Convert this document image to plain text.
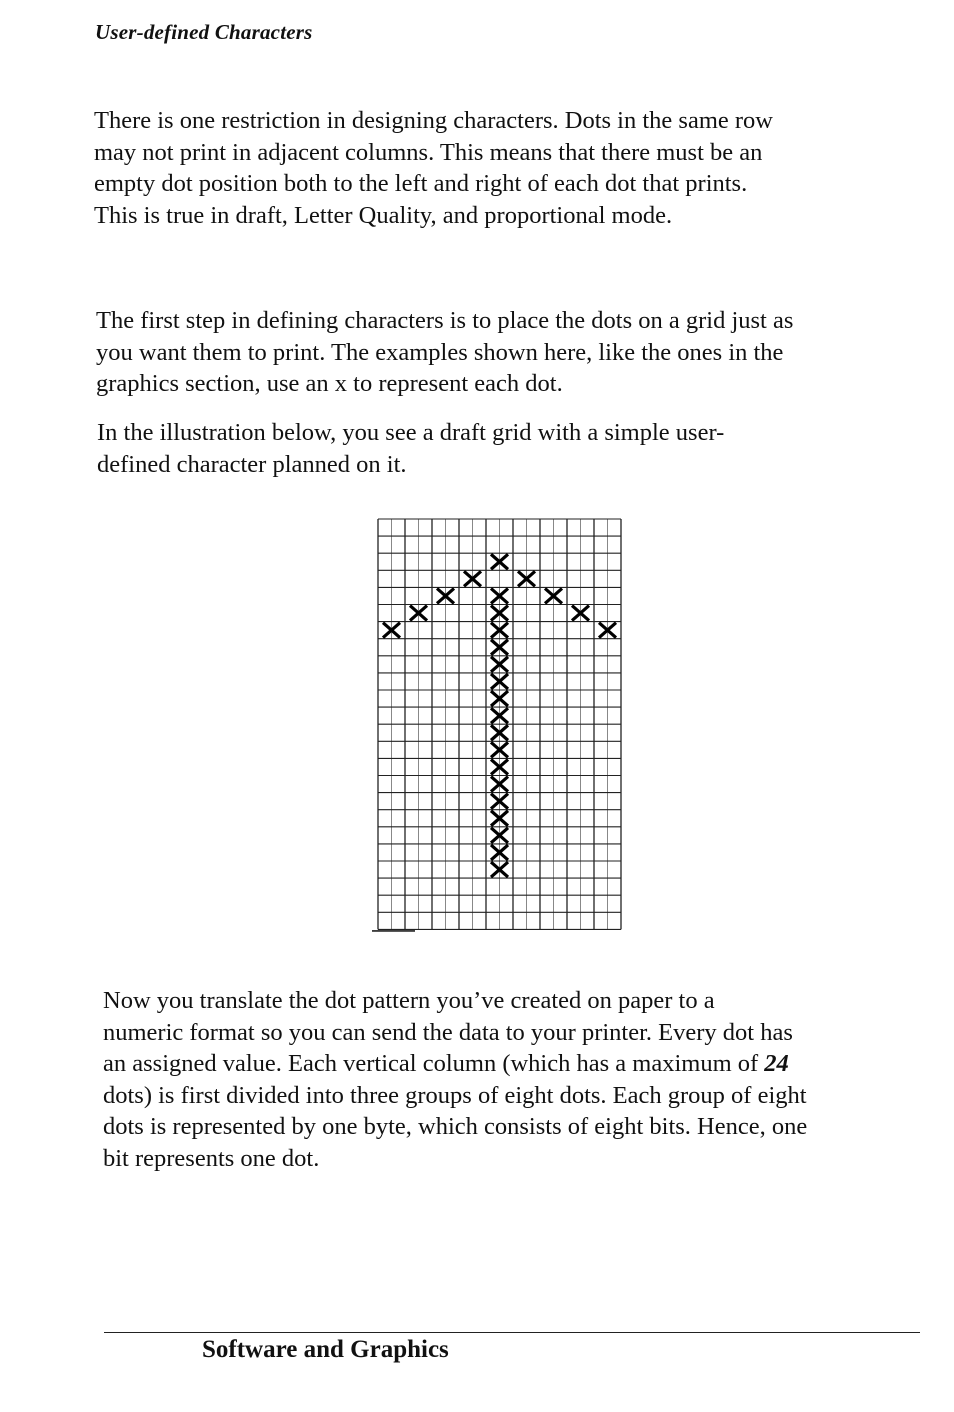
User-defined Characters

There is one restriction in designing characters. Dots in the same row
may not print in adjacent columns. This means that there must be an
empty dot position both to the left and right of each dot that prints.
This is true in draft, Letter Quality, and proportional mode.

The first step in defining characters is to place the dots on a grid just as
you want them to print. The examples shown here, like the ones in the
graphics section, use an x to represent each dot.

In the illustration below, you see a draft grid with a simple user-
defined character planned on it.

Now you translate the dot pattern you’ve created on paper to a
numeric format so you can send the data to your printer. Every dot has
an assigned value. Each vertical column (which has a maximum of 24
dots) is first divided into three groups of eight dots. Each group of eight
dots is represented by one byte, which consists of eight bits. Hence, one
bit represents one dot.

Software and Graphics
